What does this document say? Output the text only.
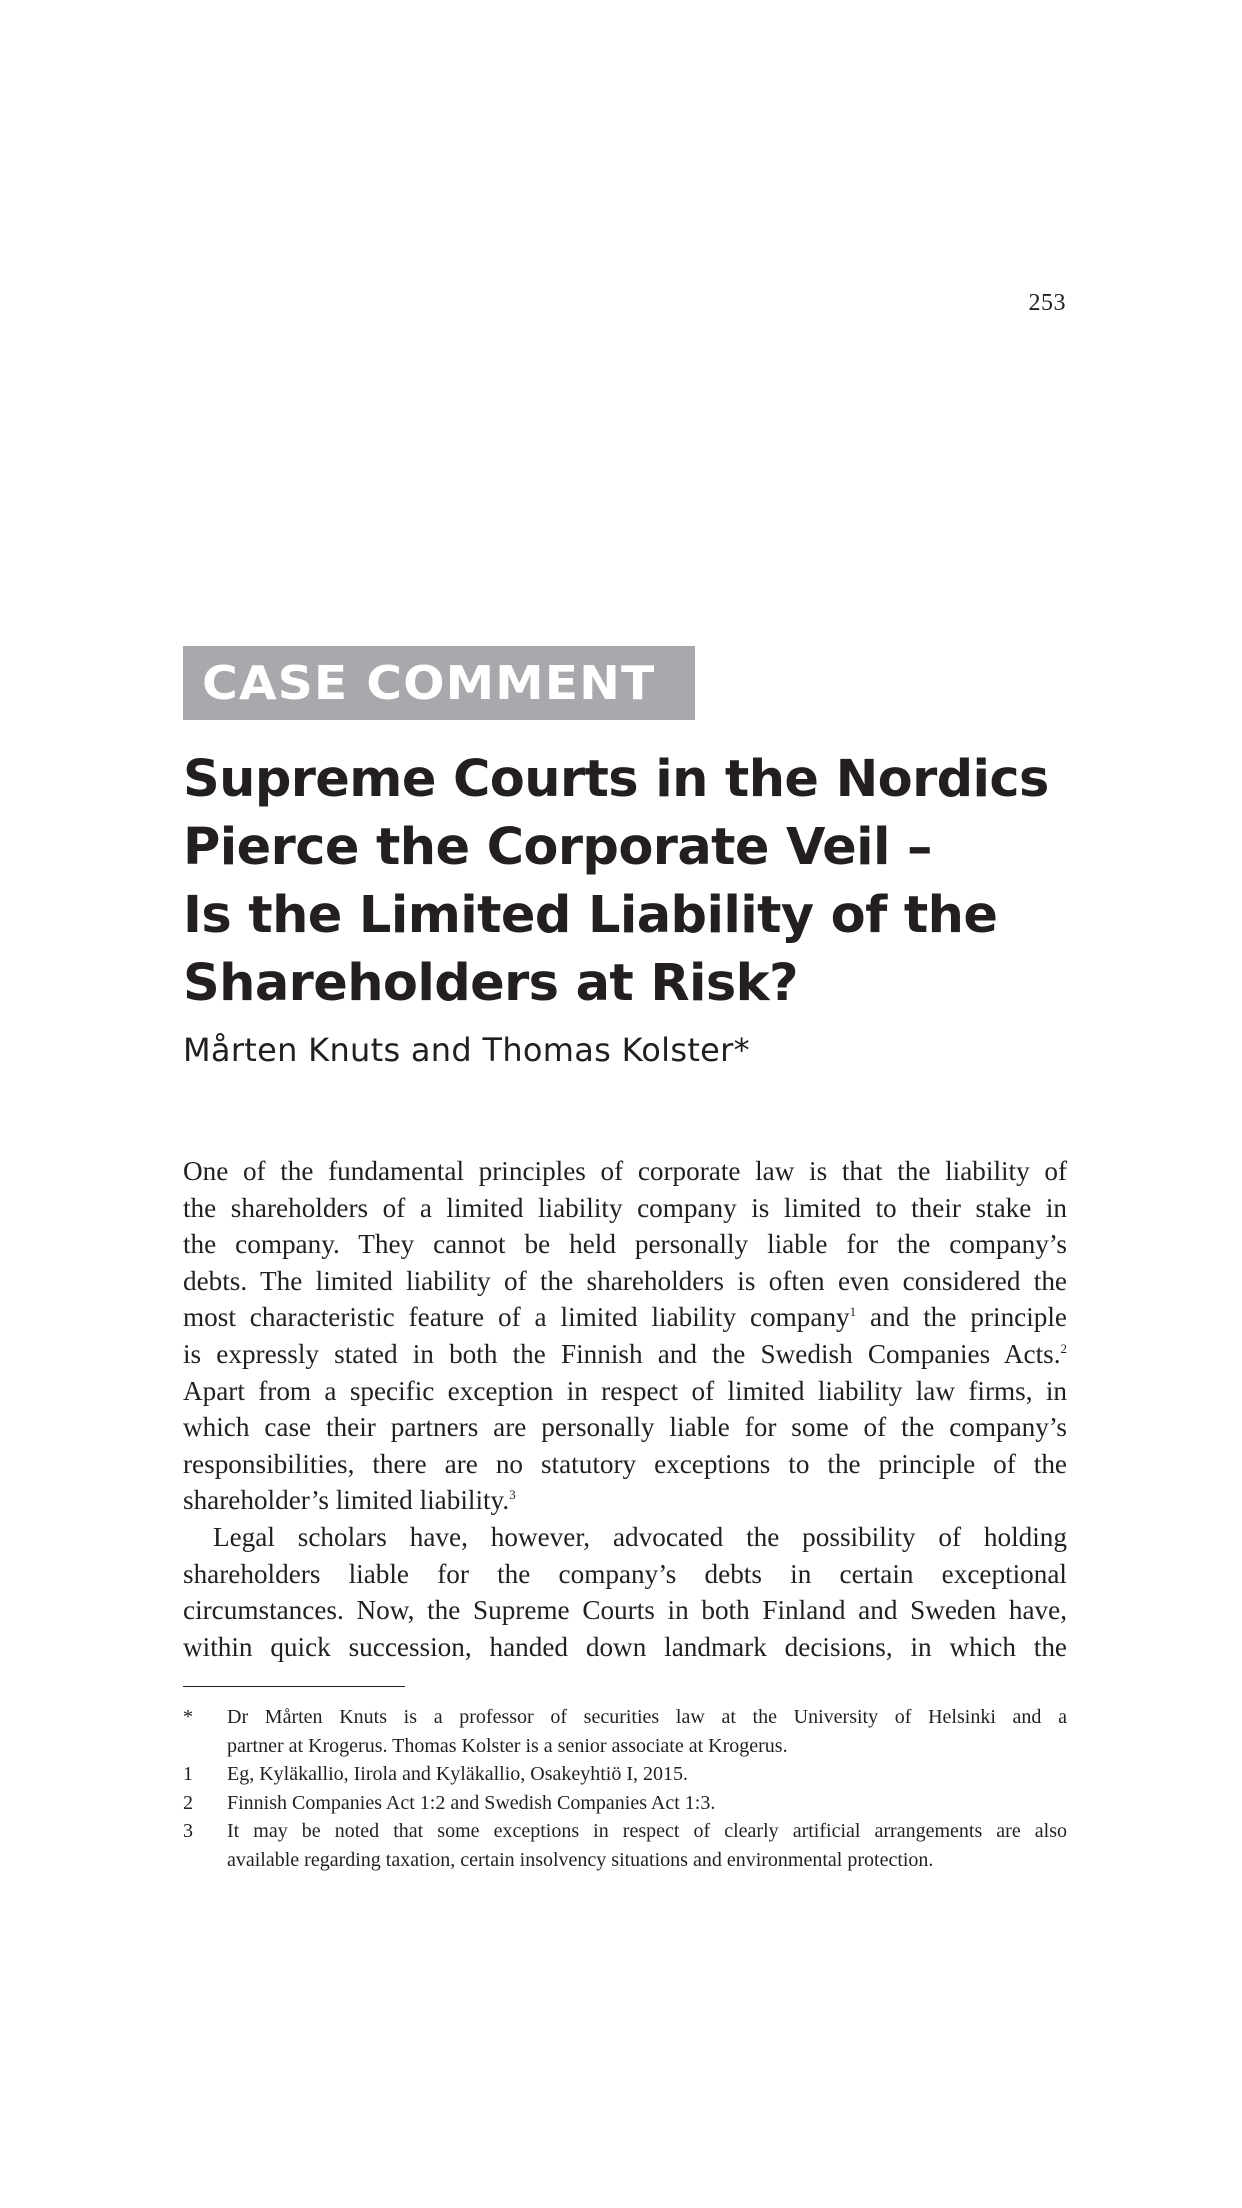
253
CASE COMMENT
Supreme Courts in the Nordics
Pierce the Corporate Veil –
Is the Limited Liability of the
Shareholders at Risk?
Mårten Knuts and Thomas Kolster*

One of the fundamental principles of corporate law is that the liability of
the shareholders of a limited liability company is limited to their stake in
the company. They cannot be held personally liable for the company’s
debts. The limited liability of the shareholders is often even considered the
most characteristic feature of a limited liability company$^1$ and the principle
is expressly stated in both the Finnish and the Swedish Companies Acts.$^2$
Apart from a specific exception in respect of limited liability law firms, in
which case their partners are personally liable for some of the company’s
responsibilities, there are no statutory exceptions to the principle of the
shareholder’s limited liability.$^3$

Legal scholars have, however, advocated the possibility of holding
shareholders liable for the company’s debts in certain exceptional
circumstances. Now, the Supreme Courts in both Finland and Sweden have,
within quick succession, handed down landmark decisions, in which the

*	Dr Mårten Knuts is a professor of securities law at the University of Helsinki and a
partner at Krogerus. Thomas Kolster is a senior associate at Krogerus.
1	Eg, Kyläkallio, Iirola and Kyläkallio, Osakeyhtiö I, 2015.
2	Finnish Companies Act 1:2 and Swedish Companies Act 1:3.
3	It may be noted that some exceptions in respect of clearly artificial arrangements are also
available regarding taxation, certain insolvency situations and environmental protection.
